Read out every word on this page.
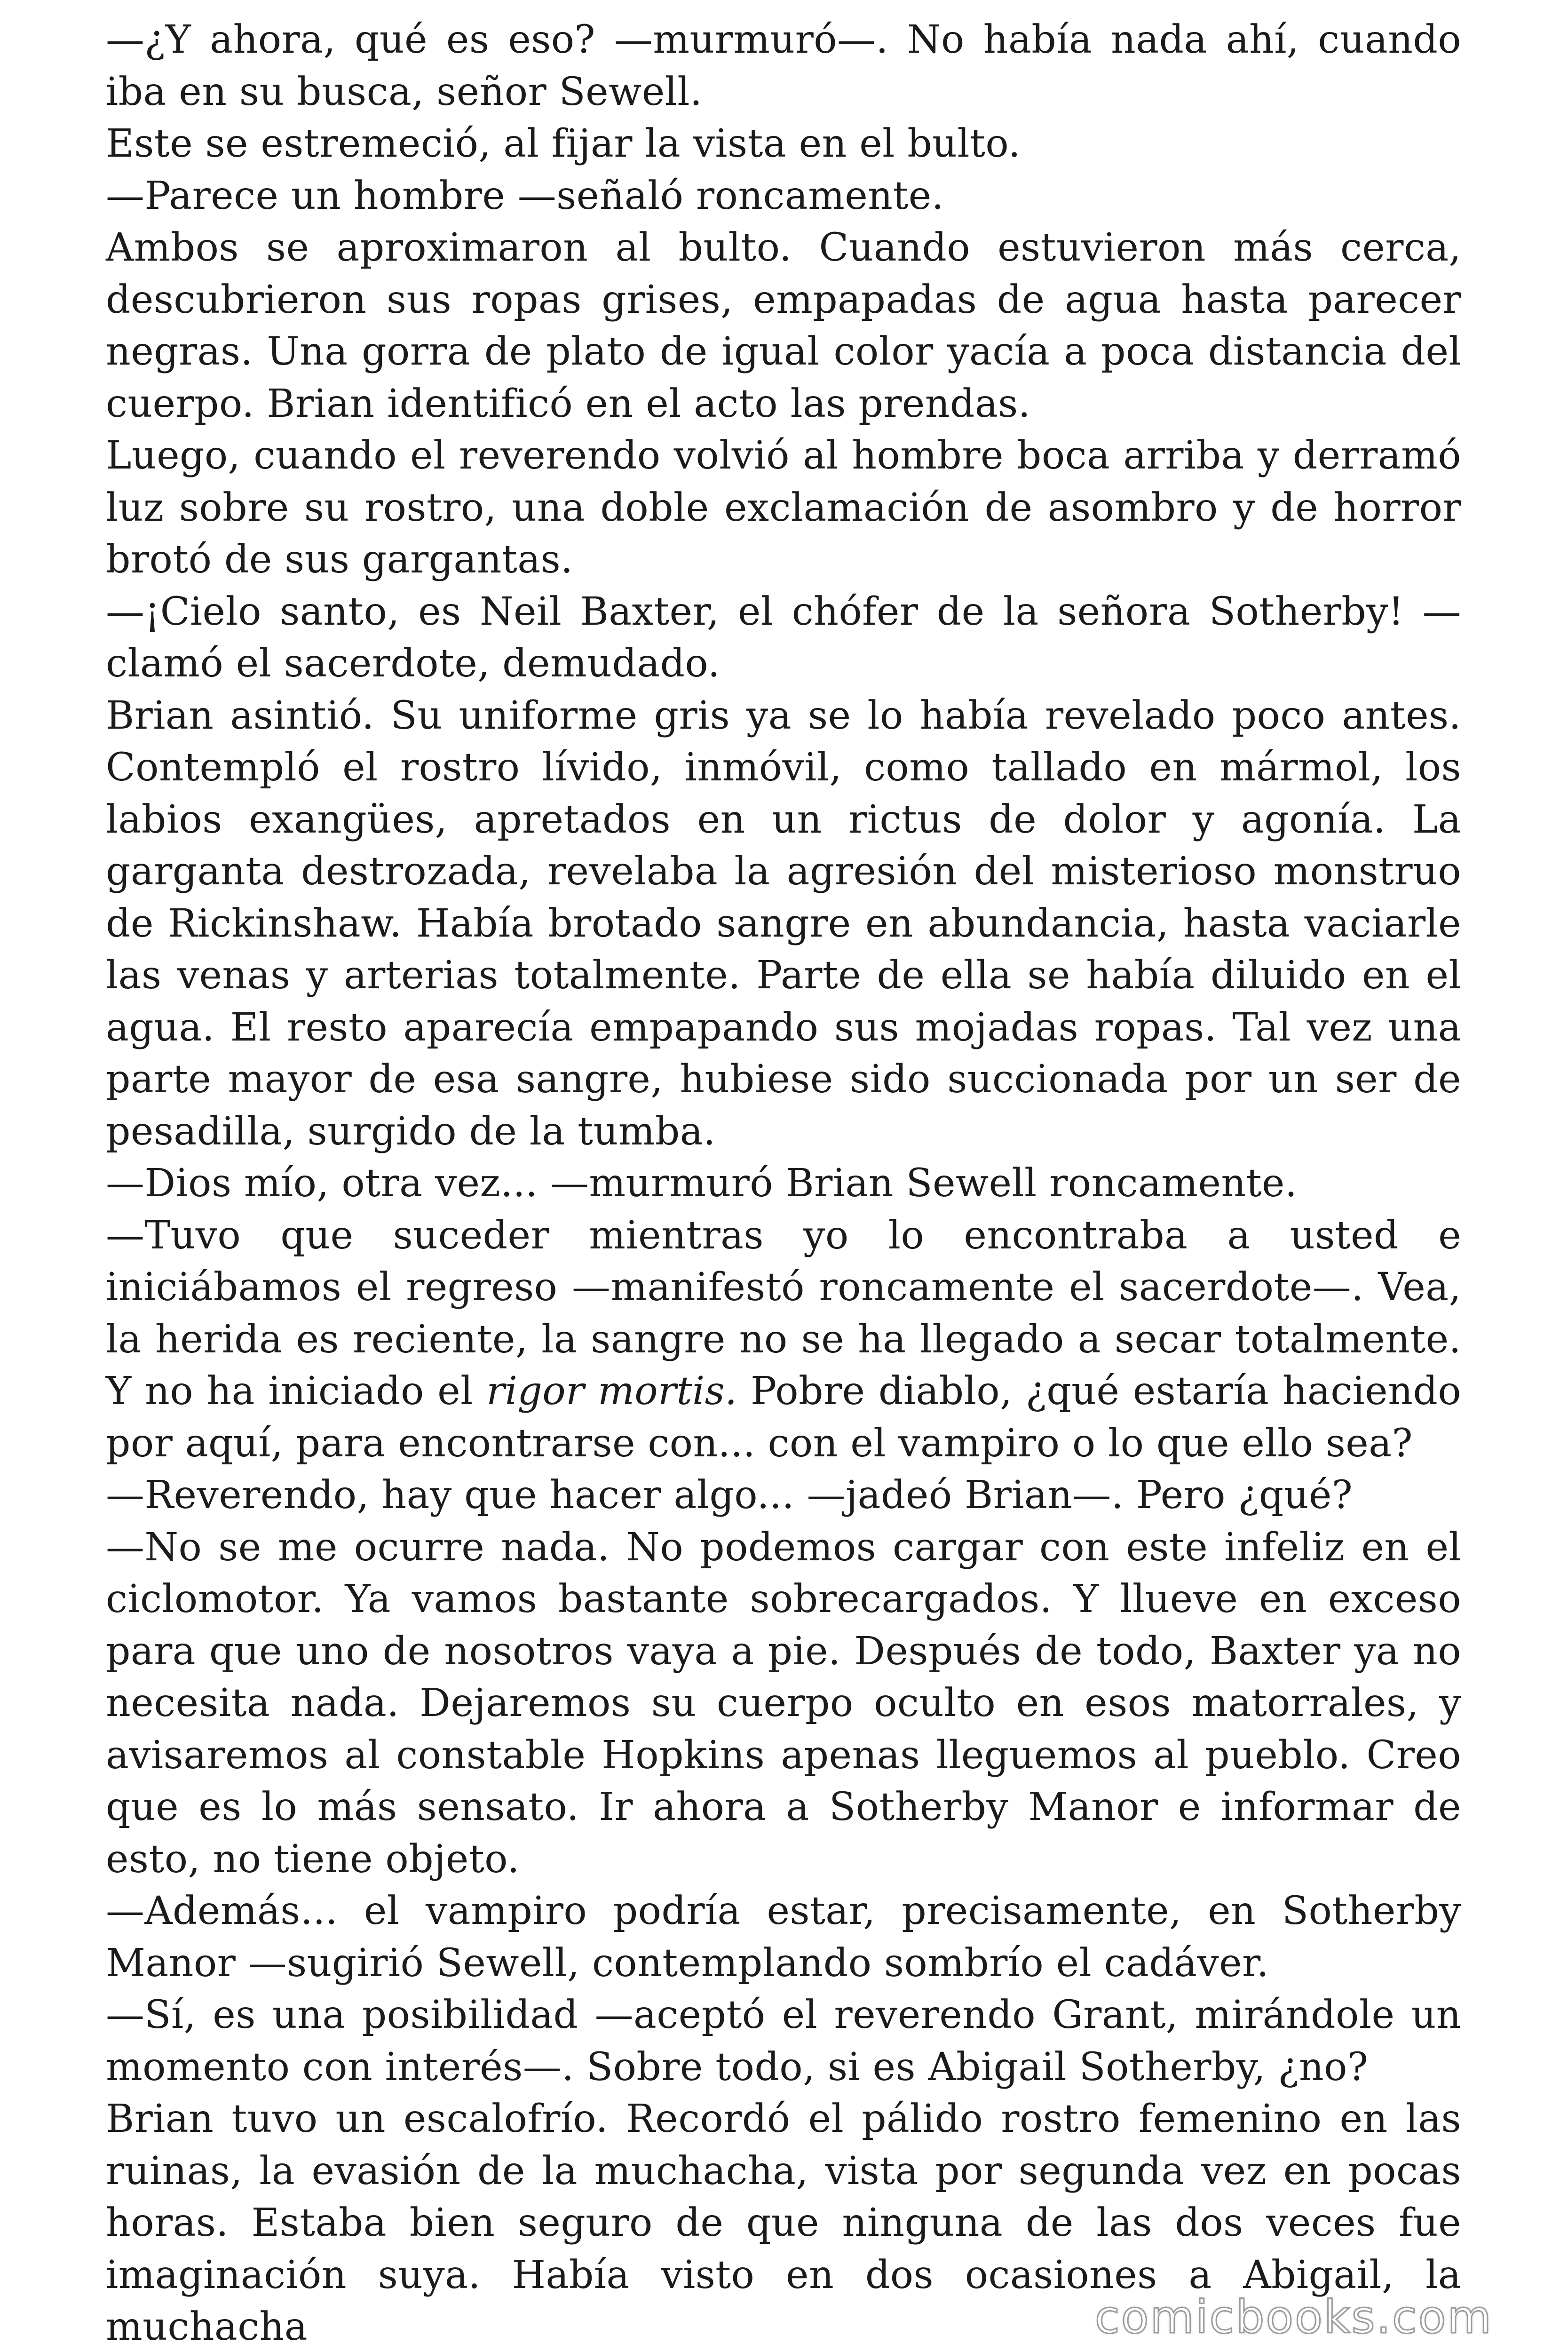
—¿Y ahora, qué es eso? —murmuró—. No había nada ahí, cuando iba en su busca, señor Sewell.

Este se estremeció, al fijar la vista en el bulto.

—Parece un hombre —señaló roncamente.

Ambos se aproximaron al bulto. Cuando estuvieron más cerca, descubrieron sus ropas grises, empapadas de agua hasta parecer negras. Una gorra de plato de igual color yacía a poca distancia del cuerpo. Brian identificó en el acto las prendas.

Luego, cuando el reverendo volvió al hombre boca arriba y derramó luz sobre su rostro, una doble exclamación de asombro y de horror brotó de sus gargantas.

—¡Cielo santo, es Neil Baxter, el chófer de la señora Sotherby! —clamó el sacerdote, demudado.

Brian asintió. Su uniforme gris ya se lo había revelado poco antes. Contempló el rostro lívido, inmóvil, como tallado en mármol, los labios exangües, apretados en un rictus de dolor y agonía. La garganta destrozada, revelaba la agresión del misterioso monstruo de Rickinshaw. Había brotado sangre en abundancia, hasta vaciarle las venas y arterias totalmente. Parte de ella se había diluido en el agua. El resto aparecía empapando sus mojadas ropas. Tal vez una parte mayor de esa sangre, hubiese sido succionada por un ser de pesadilla, surgido de la tumba.

—Dios mío, otra vez... —murmuró Brian Sewell roncamente.

—Tuvo que suceder mientras yo lo encontraba a usted e iniciábamos el regreso —manifestó roncamente el sacerdote—. Vea, la herida es reciente, la sangre no se ha llegado a secar totalmente. Y no ha iniciado el rigor mortis. Pobre diablo, ¿qué estaría haciendo por aquí, para encontrarse con... con el vampiro o lo que ello sea?

—Reverendo, hay que hacer algo... —jadeó Brian—. Pero ¿qué?

—No se me ocurre nada. No podemos cargar con este infeliz en el ciclomotor. Ya vamos bastante sobrecargados. Y llueve en exceso para que uno de nosotros vaya a pie. Después de todo, Baxter ya no necesita nada. Dejaremos su cuerpo oculto en esos matorrales, y avisaremos al constable Hopkins apenas lleguemos al pueblo. Creo que es lo más sensato. Ir ahora a Sotherby Manor e informar de esto, no tiene objeto.

—Además... el vampiro podría estar, precisamente, en Sotherby Manor —sugirió Sewell, contemplando sombrío el cadáver.

—Sí, es una posibilidad —aceptó el reverendo Grant, mirándole un momento con interés—. Sobre todo, si es Abigail Sotherby, ¿no?

Brian tuvo un escalofrío. Recordó el pálido rostro femenino en las ruinas, la evasión de la muchacha, vista por segunda vez en pocas horas. Estaba bien seguro de que ninguna de las dos veces fue imaginación suya. Había visto en dos ocasiones a Abigail, la muchacha	comicbooks.com
